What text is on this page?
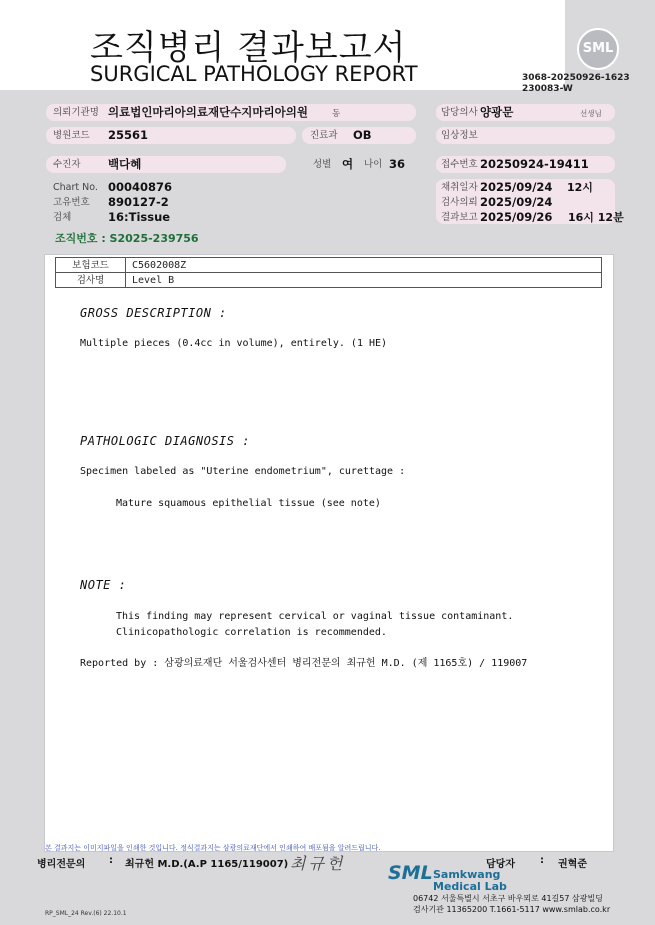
조직병리 결과보고서
SURGICAL PATHOLOGY REPORT
SML
3068-20250926-1623
230083-W
의뢰기관명 의료법인마리아의료재단수지마리아의원	동	담당의사 양광문	선생님
병원코드 25561	진료과 OB	임상정보
수진자 백다혜	성별 여 나이 36	접수번호 20250924-19411
Chart No. 00040876
고유번호 890127-2
검체	16:Tissue
채취일자 2025/09/24 12시
검사의뢰 2025/09/24
결과보고 2025/09/26 16시 12분
조직번호 : S2025-239756
보험코드	C5602008Z
검사명	Level B
GROSS DESCRIPTION :
Multiple pieces (0.4cc in volume), entirely. (1 HE)
PATHOLOGIC DIAGNOSIS :
Specimen labeled as "Uterine endometrium", curettage :
Mature squamous epithelial tissue (see note)
NOTE :
This finding may represent cervical or vaginal tissue contaminant.
Clinicopathologic correlation is recommended.
Reported by : 삼광의료재단 서울검사센터 병리전문의 최규헌 M.D. (제 1165호) / 119007
본 결과지는 이미지파일을 인쇄한 것입니다. 정식결과지는 삼광의료재단에서 인쇄하여 배포됨을 알려드립니다.
병리전문의 : 최규헌 M.D.(A.P 1165/119007) 최규헌	담당자	: 권혁준
SML Samkwang
Medical Lab
06742 서울특별시 서초구 바우뫼로 41길57 삼광빌딩
검사기관 11365200 T.1661-5117 www.smlab.co.kr
RP_SML_24 Rev.(6) 22.10.1
